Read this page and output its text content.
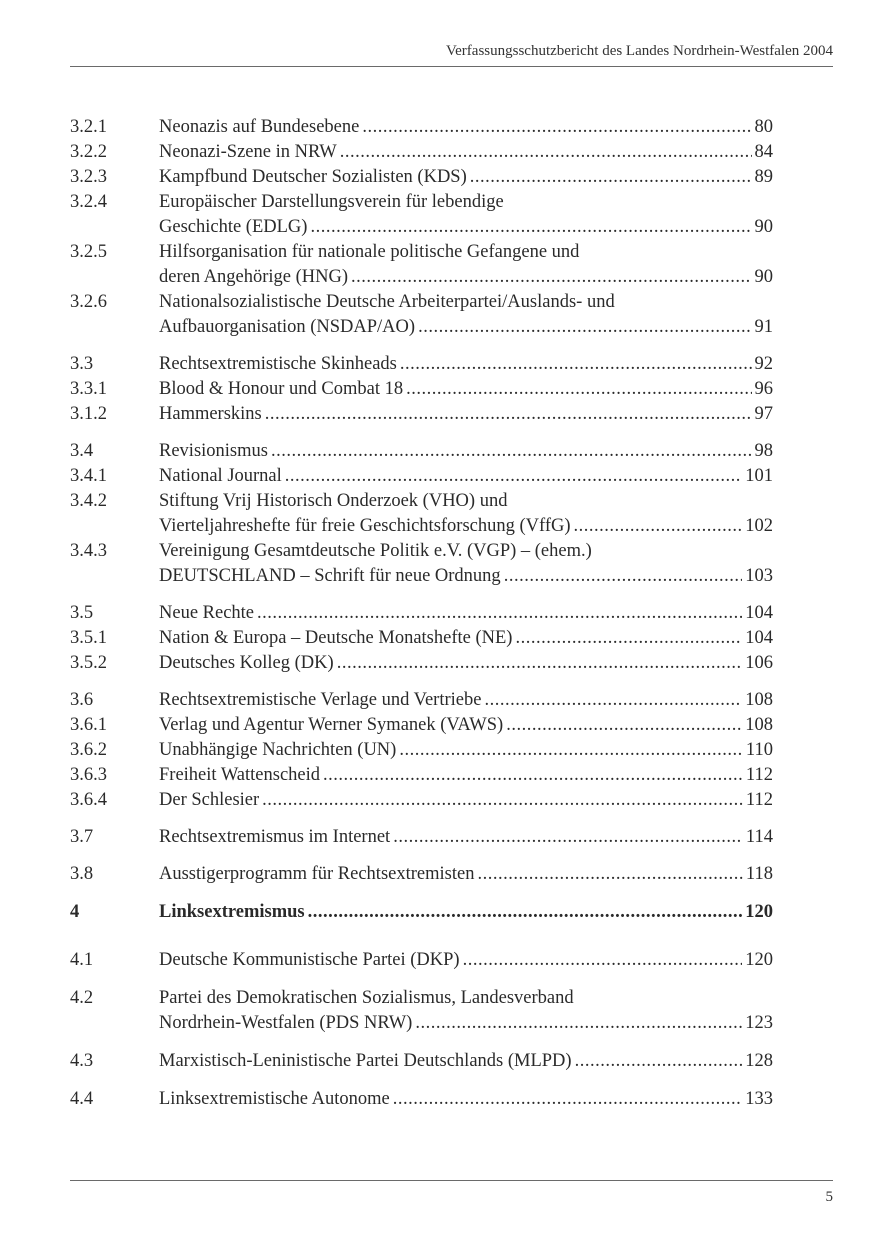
Verfassungsschutzbericht des Landes Nordrhein-Westfalen 2004
3.2.1	Neonazis auf Bundesebene .....	80
3.2.2	Neonazi-Szene in NRW .....	84
3.2.3	Kampfbund Deutscher Sozialisten (KDS) .....	89
3.2.4	Europäischer Darstellungsverein für lebendige
Geschichte (EDLG) .....	90
3.2.5	Hilfsorganisation für nationale politische Gefangene und
deren Angehörige (HNG) .....	90
3.2.6	Nationalsozialistische Deutsche Arbeiterpartei/Auslands- und
Aufbauorganisation (NSDAP/AO) .....	91
3.3	Rechtsextremistische Skinheads .....	92
3.3.1	Blood & Honour und Combat 18 .....	96
3.1.2	Hammerskins .....	97
3.4	Revisionismus .....	98
3.4.1	National Journal .....	101
3.4.2	Stiftung Vrij Historisch Onderzoek (VHO) und
Vierteljahreshefte für freie Geschichtsforschung (VffG) .....	102
3.4.3	Vereinigung Gesamtdeutsche Politik e.V. (VGP) – (ehem.)
DEUTSCHLAND – Schrift für neue Ordnung .....	103
3.5	Neue Rechte .....	104
3.5.1	Nation & Europa – Deutsche Monatshefte (NE) .....	104
3.5.2	Deutsches Kolleg (DK) .....	106
3.6	Rechtsextremistische Verlage und Vertriebe .....	108
3.6.1	Verlag und Agentur Werner Symanek (VAWS) .....	108
3.6.2	Unabhängige Nachrichten (UN) .....	110
3.6.3	Freiheit Wattenscheid .....	112
3.6.4	Der Schlesier .....	112
3.7	Rechtsextremismus im Internet .....	114
3.8	Ausstigerprogramm für Rechtsextremisten .....	118
4	Linksextremismus .....	120
4.1	Deutsche Kommunistische Partei (DKP) .....	120
4.2	Partei des Demokratischen Sozialismus, Landesverband
Nordrhein-Westfalen (PDS NRW) .....	123
4.3	Marxistisch-Leninistische Partei Deutschlands (MLPD) .....	128
4.4	Linksextremistische Autonome .....	133
5
